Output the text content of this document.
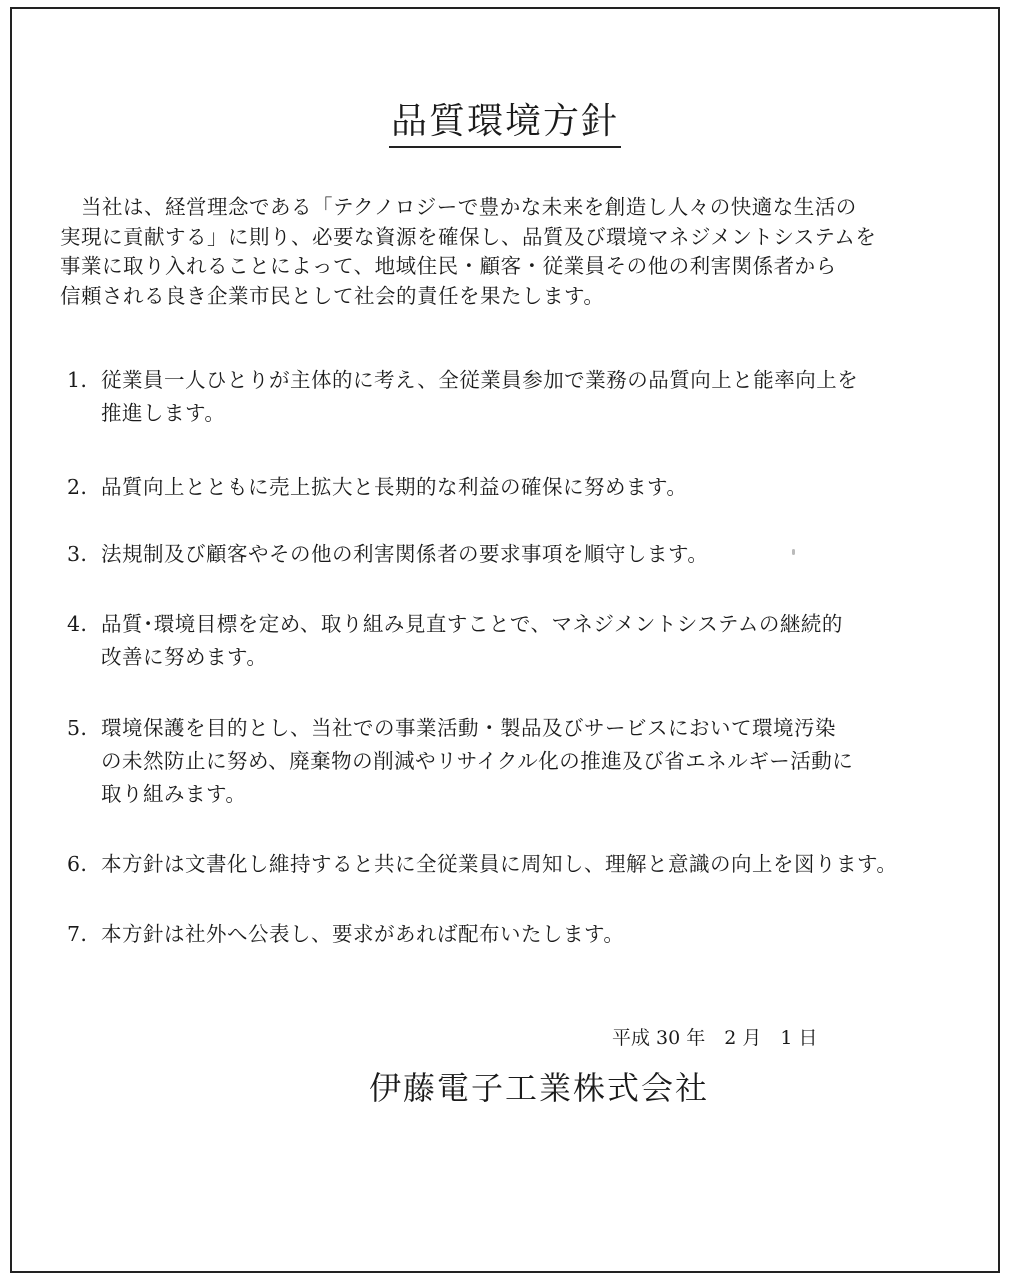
品質環境方針
　当社は、経営理念である「テクノロジーで豊かな未来を創造し人々の快適な生活の
実現に貢献する」に則り、必要な資源を確保し、品質及び環境マネジメントシステムを
事業に取り入れることによって、地域住民・顧客・従業員その他の利害関係者から
信頼される良き企業市民として社会的責任を果たします。
1． 従業員一人ひとりが主体的に考え、全従業員参加で業務の品質向上と能率向上を
推進します。
2． 品質向上とともに売上拡大と長期的な利益の確保に努めます。
3． 法規制及び顧客やその他の利害関係者の要求事項を順守します。
4． 品質･環境目標を定め、取り組み見直すことで、マネジメントシステムの継続的
改善に努めます。
5． 環境保護を目的とし、当社での事業活動・製品及びサービスにおいて環境汚染
の未然防止に努め、廃棄物の削減やリサイクル化の推進及び省エネルギー活動に
取り組みます。
6． 本方針は文書化し維持すると共に全従業員に周知し、理解と意識の向上を図ります。
7． 本方針は社外へ公表し、要求があれば配布いたします。
平成 30 年　2 月　1 日
伊藤電子工業株式会社
